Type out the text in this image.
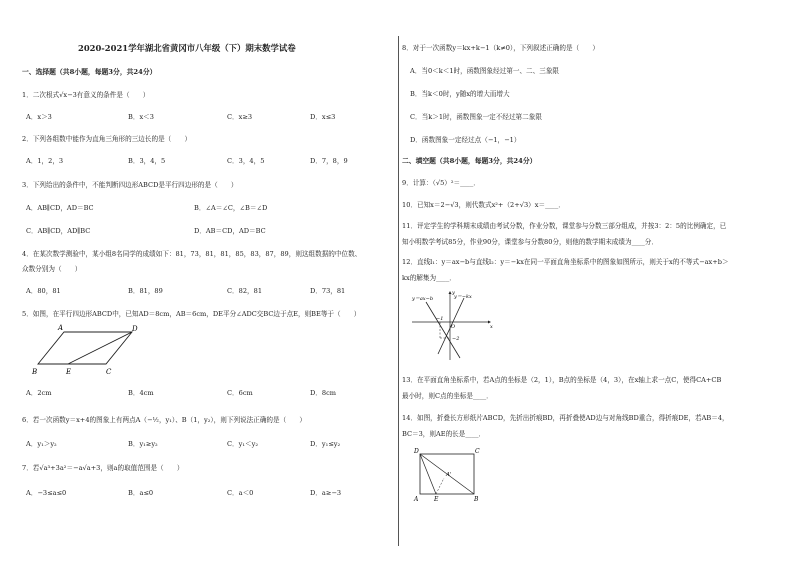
2020-2021学年湖北省黄冈市八年级（下）期末数学试卷
一、选择题（共8小题，每题3分，共24分）
1．二次根式√x−3有意义的条件是（　　）
A．x＞3	B．x＜3	C．x≥3	D．x≤3
2．下列各组数中能作为直角三角形的三边长的是（　　）
A．1，2，3	B．3，4，5	C．3，4，5	D．7，8，9
3．下列给出的条件中，不能判断四边形ABCD是平行四边形的是（　　）
A．AB∥CD，AD＝BC	B．∠A＝∠C，∠B＝∠D
C．AB∥CD，AD∥BC	D．AB＝CD，AD＝BC
4．在某次数学测验中，某小组8名同学的成绩如下：81，73，81，81，85，83，87，89，则这组数据的中位数、
众数分别为（　　）
A．80，81	B．81，89	C．82，81	D．73，81
5．如图，在平行四边形ABCD中，已知AD＝8cm，AB＝6cm，DE平分∠ADC交BC边于点E，则BE等于（　　）
A	D
B	E	C
A．2cm	B．4cm	C．6cm	D．8cm
6．若一次函数y＝x+4的图象上有两点A（−½，y₁）、B（1，y₂），则下列说法正确的是（　　）
A．y₁＞y₂	B．y₁≥y₂	C．y₁＜y₂	D．y₁≤y₂
7．若√a³+3a²＝−a√a+3，则a的取值范围是（　　）
A．−3≤a≤0	B．a≤0	C．a＜0	D．a≥−3
8．对于一次函数y＝kx+k−1（k≠0），下列叙述正确的是（　　）
A．当0＜k＜1时，函数图象经过第一、二、三象限
B．当k＜0时，y随x的增大而增大
C．当k＞1时，函数图象一定不经过第二象限
D．函数图象一定经过点（−1，−1）
二、填空题（共8小题，每题3分，共24分）
9．计算：（√5）²＝____．
10．已知x＝2−√3，则代数式x²+（2+√3）x＝____．
11．评定学生的学科期末成绩由考试分数，作业分数，课堂参与分数三部分组成，并按3：2：5的比例确定，已
知小明数学考试85分，作业90分，课堂参与分数80分，则他的数学期末成绩为____分．
12．直线l₁：y＝ax−b与直线l₂：y＝−kx在同一平面直角坐标系中的图象如图所示，则关于x的不等式−ax+b＞
kx的解集为____．
y＝ax−b	y＝−kx
x
y
O
−1
−2
13．在平面直角坐标系中，若A点的坐标是（2，1），B点的坐标是（4，3），在x轴上求一点C，使得CA+CB
最小时，则C点的坐标是____．
14．如图，折叠长方形纸片ABCD，先折出折痕BD，再折叠使AD边与对角线BD重合，得折痕DE，若AB＝4，
BC＝3，则AE的长是____．
D	C
A'
A	E	B
